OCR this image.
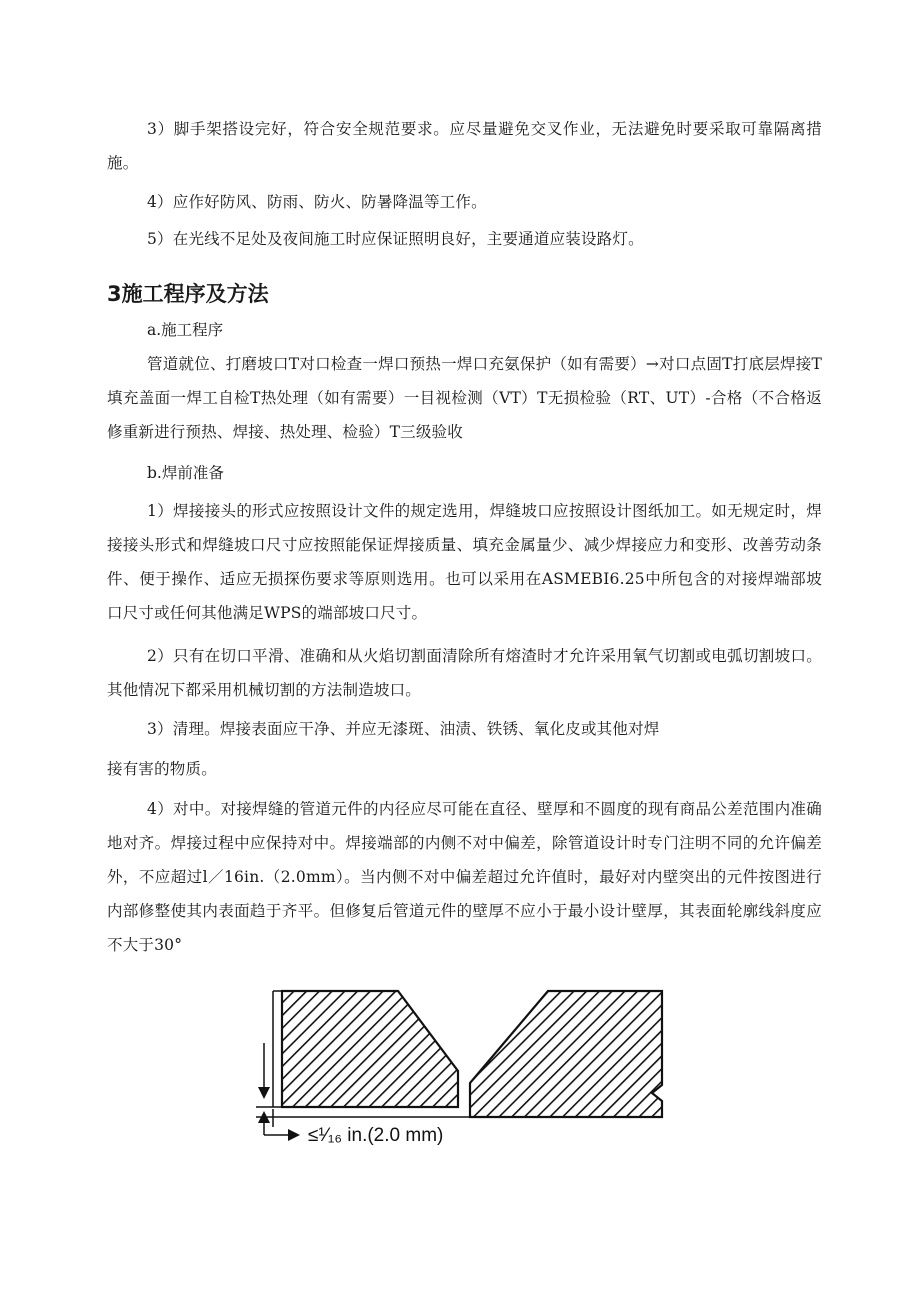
3）脚手架搭设完好，符合安全规范要求。应尽量避免交叉作业，无法避免时要采取可靠隔离措施。

4）应作好防风、防雨、防火、防暑降温等工作。

5）在光线不足处及夜间施工时应保证照明良好，主要通道应装设路灯。

3施工程序及方法

a.施工程序

管道就位、打磨坡口T对口检查一焊口预热一焊口充氨保护（如有需要）→对口点固T打底层焊接T填充盖面一焊工自检T热处理（如有需要）一目视检测（VT）T无损检验（RT、UT）-合格（不合格返修重新进行预热、焊接、热处理、检验）T三级验收

b.焊前准备

1）焊接接头的形式应按照设计文件的规定选用，焊缝坡口应按照设计图纸加工。如无规定时，焊接接头形式和焊缝坡口尺寸应按照能保证焊接质量、填充金属量少、减少焊接应力和变形、改善劳动条件、便于操作、适应无损探伤要求等原则选用。也可以采用在ASMEBI6.25中所包含的对接焊端部坡口尺寸或任何其他满足WPS的端部坡口尺寸。

2）只有在切口平滑、准确和从火焰切割面清除所有熔渣时才允许采用氧气切割或电弧切割坡口。其他情况下都采用机械切割的方法制造坡口。

3）清理。焊接表面应干净、并应无漆斑、油渍、铁锈、氧化皮或其他对焊

接有害的物质。

4）对中。对接焊缝的管道元件的内径应尽可能在直径、壁厚和不圆度的现有商品公差范围内准确地对齐。焊接过程中应保持对中。焊接端部的内侧不对中偏差，除管道设计时专门注明不同的允许偏差外，不应超过l／16in.（2.0mm）。当内侧不对中偏差超过允许值时，最好对内壁突出的元件按图进行内部修整使其内表面趋于齐平。但修复后管道元件的壁厚不应小于最小设计壁厚，其表面轮廓线斜度应不大于30°

≤¹⁄₁₆ in.(2.0 mm)
